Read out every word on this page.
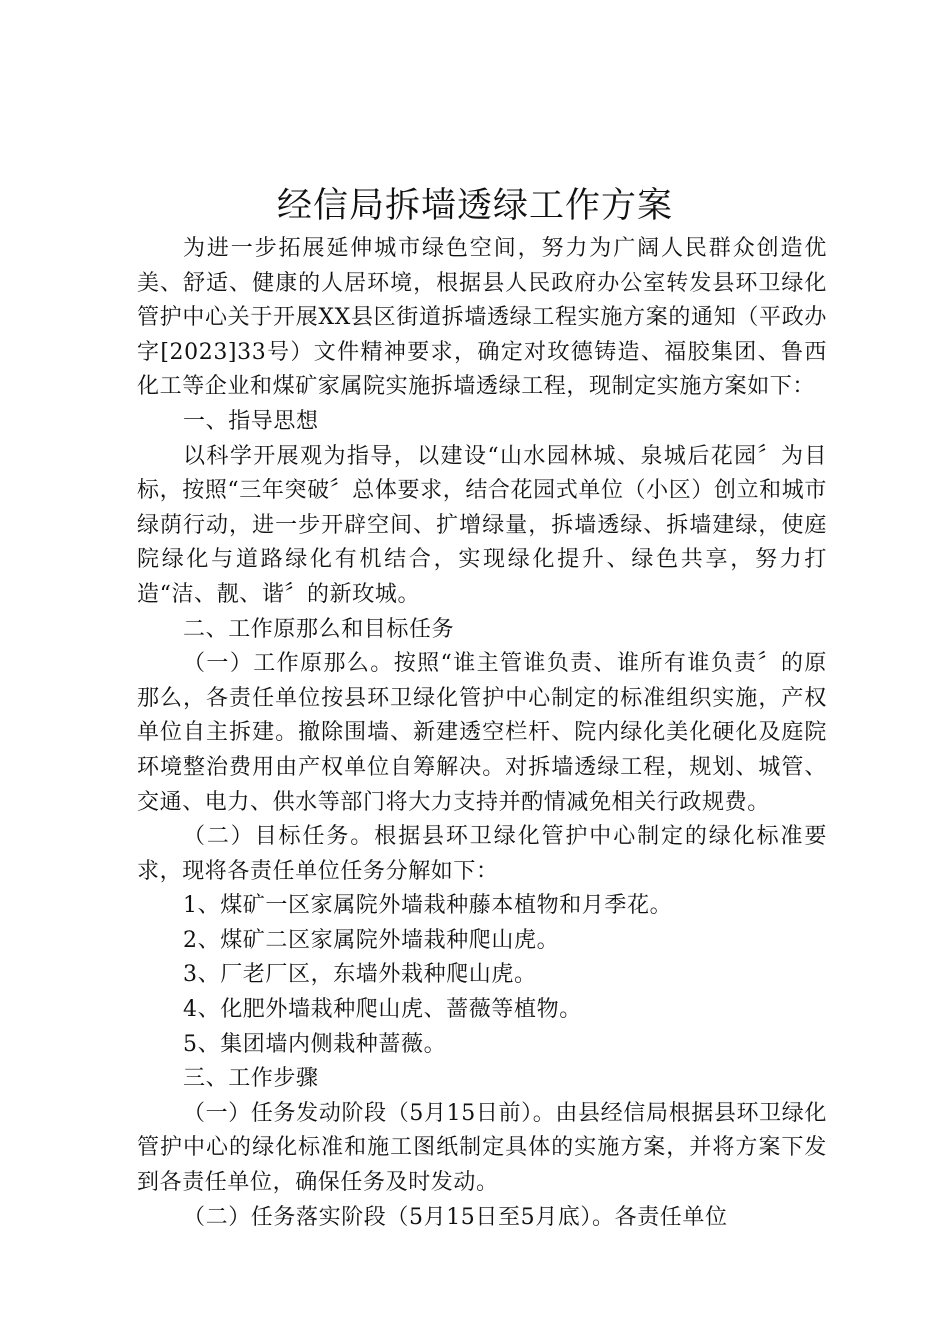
经信局拆墙透绿工作方案

为进一步拓展延伸城市绿色空间，努力为广阔人民群众创造优美、舒适、健康的人居环境，根据县人民政府办公室转发县环卫绿化管护中心关于开展XX县区街道拆墙透绿工程实施方案的通知（平政办字[2023]33号）文件精神要求，确定对玫德铸造、福胶集团、鲁西化工等企业和煤矿家属院实施拆墙透绿工程，现制定实施方案如下：

一、指导思想

以科学开展观为指导，以建设“山水园林城、泉城后花园〞为目标，按照“三年突破〞总体要求，结合花园式单位（小区）创立和城市绿荫行动，进一步开辟空间、扩增绿量，拆墙透绿、拆墙建绿，使庭院绿化与道路绿化有机结合，实现绿化提升、绿色共享，努力打造“洁、靓、谐〞的新玫城。

二、工作原那么和目标任务

（一）工作原那么。按照“谁主管谁负责、谁所有谁负责〞的原那么，各责任单位按县环卫绿化管护中心制定的标准组织实施，产权单位自主拆建。撤除围墙、新建透空栏杆、院内绿化美化硬化及庭院环境整治费用由产权单位自筹解决。对拆墙透绿工程，规划、城管、交通、电力、供水等部门将大力支持并酌情减免相关行政规费。

（二）目标任务。根据县环卫绿化管护中心制定的绿化标准要求，现将各责任单位任务分解如下：

1、煤矿一区家属院外墙栽种藤本植物和月季花。

2、煤矿二区家属院外墙栽种爬山虎。

3、厂老厂区，东墙外栽种爬山虎。

4、化肥外墙栽种爬山虎、蔷薇等植物。

5、集团墙内侧栽种蔷薇。

三、工作步骤

（一）任务发动阶段（5月15日前）。由县经信局根据县环卫绿化管护中心的绿化标准和施工图纸制定具体的实施方案，并将方案下发到各责任单位，确保任务及时发动。

（二）任务落实阶段（5月15日至5月底）。各责任单位
